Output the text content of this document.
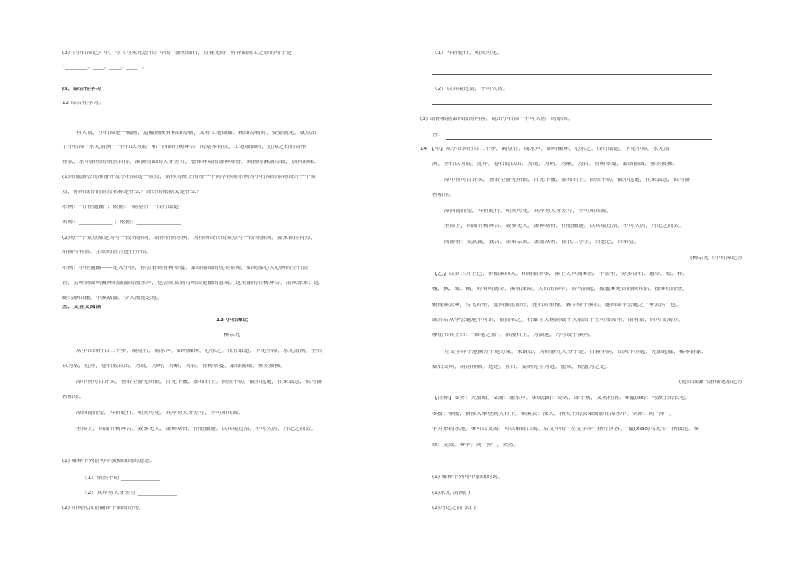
(3)《小石潭记》中，与《与朱元思书》中的 “游鱼细石，直视无碍” 有异曲同工之妙的句子是
“________，____，____，____” 。
四、综合性学习
12 综合性学习。
有人说，小石潭是一幅画，這幅画既有相线勾勒，又有工笔细描。粗线勾勒时，要要就见，就点出
了小石潭 “水尤清洌” “全石以为底” 和 “四面竹树环合” 的基本特点。工笔细描时，近潭之石的奇形
怪状，水中游鱼的怡然自得，溪涧弯曲的犬牙差互，整体环境的凄神寒骨，到画得淋漓尽致，别有韵味。
(1)市旅游公司准备开发小石潭这一景点，请你为班上的每一个同学你照示例为小石潭的景物设计一个景
点，你所设计的景点名称是什么？设计的依据又是什么？
示例：“竹径通幽”；依据：“隔篁竹” “伐竹取道”
名称：____________ ；依据：________________
(2)每一个景点都是为写一段导游词，请你仿照示例，为你所设计的景点写一段导游词，要求抓住特点，
用描写有情、生动的语言进行介绍。
示例：小径通幽——走入小径，你会看到青树翠蔓，蒙络摇缀的优美景观，如同那心人心脾的空竹清
香，会听到如鸣佩环的潺潺的流水声，也会欣赏到鸟鸣山更幽的意境。这美丽的竹树环合，清风徐来；远
眺鸟静山幽，小溪潺潺，令人流连忘返。
五、文言文阅读
13 小石潭记
柳宗元
从小丘西行百二十步，隔篁竹，闻水声，如鸣佩环，心乐之。伐竹取道，下见小潭，水尤清洌。全石
以为底，近岸，卷石底以出，为坻，为屿，为嵁，为岩。青树翠蔓，蒙络摇缀，参差披拂。
潭中鱼可百许头，皆若空游无所依，日光下澈，影布石上。佁然不动，俶尔远逝，往来翕忽，似与游
者相乐。
潭西南而望，斗折蛇行，明灭可见。其岸势犬牙差互，不可知其源。
坐潭上，四面竹树环合，寂寥无人，凄神寒骨，悄怆幽邃。以其境过清，不可久居，乃记之而去。
(1) 解释下列语句中加横线词的意思。
（1）佁然不动 ______________
（2）其岸势犬牙差互 ______________
(2) 用现代汉语翻译下面的语句。
（1）斗折蛇行，明灭可见。
（2）以其境过清，不可久居。
(3) 请你根据第四段的内容，说出小石潭 “不可久居” 的原因。
答：
14 【甲】从小丘西行百二十步，隔篁竹，闻水声，如鸣佩环，心乐之。伐竹取道，下见小潭，水尤清
洌。全石以为底，近岸，卷石底以出，为坻，为屿，为嵁，为岩。青树翠蔓，蒙络摇缀，参差披拂。
潭中鱼可百许头，皆若空游无所依，日光下澈，影布石上。佁然不动，俶尔远逝，往来翕忽，似与游
者相乐。
潭西南而望，斗折蛇行，明灭可见。其岸势犬牙差互，不可知其源。
坐潭上，四面竹树环合，寂寥无人，凄神寒骨，悄怆幽邃。以其境过清，不可久居，乃记之而去。
同游者：吴武陵，龚古，余弟宗玄。隶而从者，崔氏二小生，曰恕己，曰奉壹。
(柳宗元《小石潭记》)
【乙】以岁三月上巳，步循溪西入。积雨始霁⑤，溪上大声涌⑥然。十余里，旁多奇石、惠草、松、桂、
槐、枫、栗、橘，时有鸣禽⑦。溪有深潭，大石出潭中，若马浴起，振鬣⑧宛首而顾其侣。援⑨石而登，
俯视溪云⑩，鸟飞若坠，复西循崖而行，连石若重楼，翼手倚于溪右。遂因命平公题之 “垂云沜” 也。
或自后从李公题地不可识，很而名之。石雄主大树阴数十人股出于土可布席坐，南有泉，时可支渴⑪，
摩崖书其上曰：“烟笔之泉”。泉漫石上，为溜池，乃与坻于溪内。
左文学冲于池侧万干地方束，未敢⑫，为时静九人分于是。日暮半阴，山风乍⑬起，光影起朦，稀零群象，
斌石交鸣，涓涓徘徊。送还。且日，姜纳先生为冠，盟从，使盟为之记。
(选自钱谦《游烟笔泉记》)
【注释】①霁：天放晴。②涌：涌水声。③坻(pǐ)：岛名，即子规，又名杜鹃。④鬣(liè)：马颈上的长毛。
⑤援：攀援，指淮入攀登到大石上。⑥溪云：深人，指夫上的云朵倒影在潭水中。⑦沛：同 “沛” ，
半月形的水池。⑧可以支渴：可以解除口渴。后文中的 “左文学冲” 指左世容。“鬣(xiǎo)鸟先生” 指钱范。⑨
竣：完成。⑩辛：同 “猝” ，突然。
(1) 解释下列句中加线的词。
(1)水尤 清洌( )
(2)乃记之而 去( )
